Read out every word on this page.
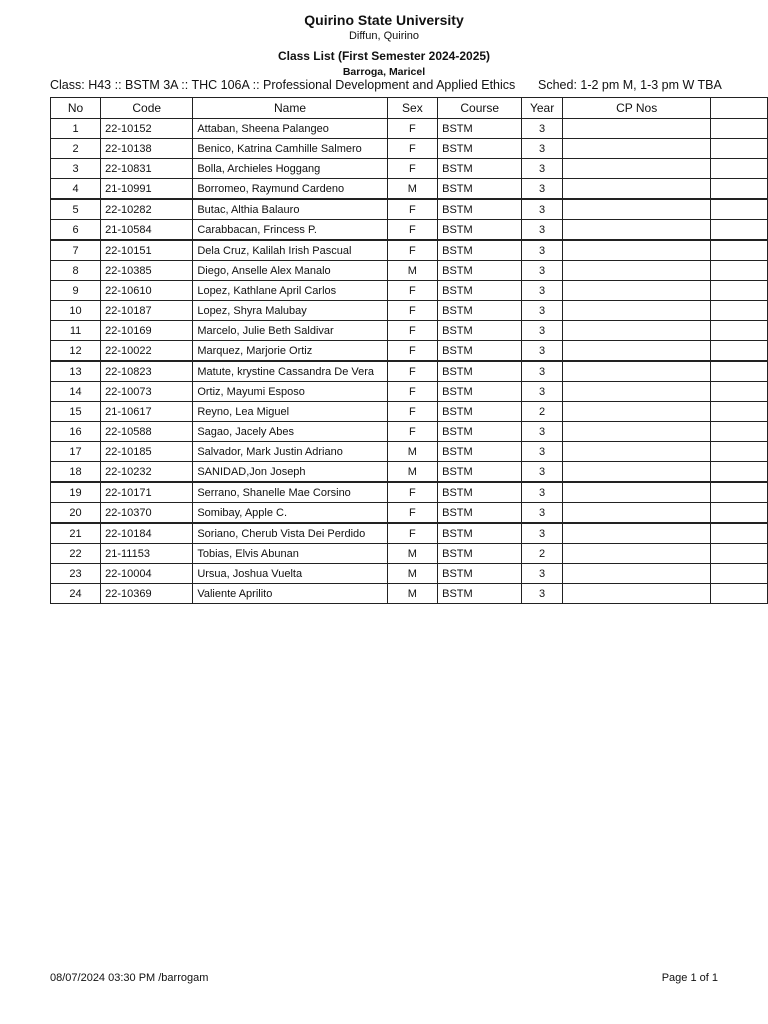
Quirino State University
Diffun, Quirino
Class List (First Semester 2024-2025)
Barroga, Maricel
Class: H43 :: BSTM 3A :: THC 106A :: Professional Development and Applied Ethics Sched: 1-2 pm M, 1-3 pm W TBA
No	Code	Name	Sex	Course	Year	CP Nos	
1	22-10152	Attaban, Sheena Palangeo	F	BSTM	3		
2	22-10138	Benico, Katrina Camhille Salmero	F	BSTM	3		
3	22-10831	Bolla, Archieles Hoggang	F	BSTM	3		
4	21-10991	Borromeo, Raymund Cardeno	M	BSTM	3		
5	22-10282	Butac, Althia Balauro	F	BSTM	3		
6	21-10584	Carabbacan, Frincess P.	F	BSTM	3		
7	22-10151	Dela Cruz, Kalilah Irish Pascual	F	BSTM	3		
8	22-10385	Diego, Anselle Alex Manalo	M	BSTM	3		
9	22-10610	Lopez, Kathlane April Carlos	F	BSTM	3		
10	22-10187	Lopez, Shyra Malubay	F	BSTM	3		
11	22-10169	Marcelo, Julie Beth Saldivar	F	BSTM	3		
12	22-10022	Marquez, Marjorie Ortiz	F	BSTM	3		
13	22-10823	Matute, krystine Cassandra De Vera	F	BSTM	3		
14	22-10073	Ortiz, Mayumi Esposo	F	BSTM	3		
15	21-10617	Reyno, Lea Miguel	F	BSTM	2		
16	22-10588	Sagao, Jacely Abes	F	BSTM	3		
17	22-10185	Salvador, Mark Justin Adriano	M	BSTM	3		
18	22-10232	SANIDAD,Jon Joseph	M	BSTM	3		
19	22-10171	Serrano, Shanelle Mae Corsino	F	BSTM	3		
20	22-10370	Somibay, Apple C.	F	BSTM	3		
21	22-10184	Soriano, Cherub Vista Dei Perdido	F	BSTM	3		
22	21-11153	Tobias, Elvis Abunan	M	BSTM	2		
23	22-10004	Ursua, Joshua Vuelta	M	BSTM	3		
24	22-10369	Valiente Aprilito	M	BSTM	3		
08/07/2024 03:30 PM /barrogam	Page 1 of 1
